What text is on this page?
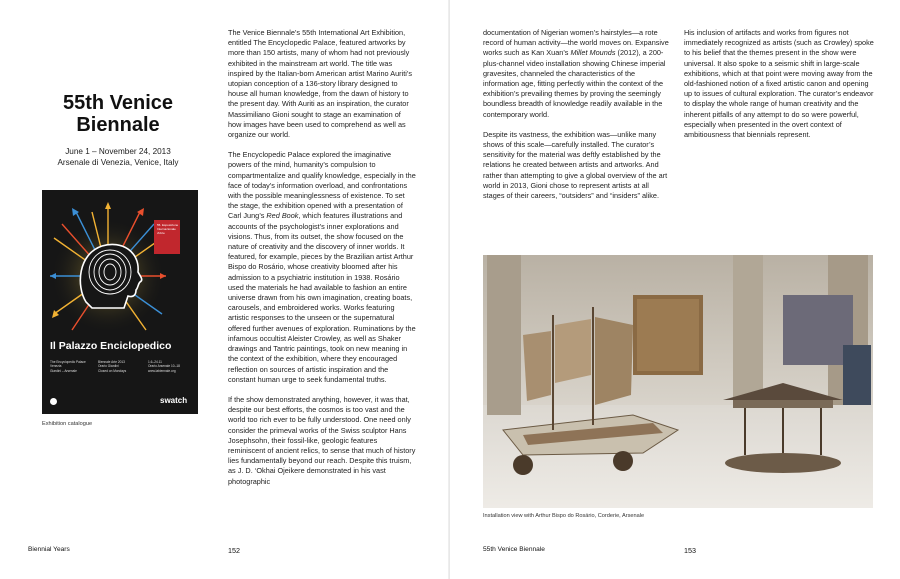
55th Venice Biennale

June 1 – November 24, 2013

Arsenale di Venezia, Venice, Italy

55. Esposizione Internazionale d'Arte
Il Palazzo Enciclopedico
The Encyclopedic Palace
Venezia
Giardini – Arsenale
Biennale Arte 2013
Orario Giardini
Closed on Mondays
1.6–24.11
Orario Arsenale 10–18
www.labiennale.org
swatch
Exhibition catalogue

The Venice Biennale’s 55th International Art Exhibition, entitled The Encyclopedic Palace, featured artworks by more than 150 artists, many of whom had not previously exhibited in the mainstream art world. The title was inspired by the Italian-born American artist Marino Auriti’s utopian conception of a 136-story library designed to house all human knowledge, from the dawn of history to the present day. With Auriti as an inspiration, the curator Massimiliano Gioni sought to stage an examination of how images have been used to comprehend as well as organize our world.

The Encyclopedic Palace explored the imaginative powers of the mind, humanity’s compulsion to compartmentalize and qualify knowledge, especially in the face of today’s information overload, and confrontations with the possible meaninglessness of existence. To set the stage, the exhibition opened with a presentation of Carl Jung’s Red Book, which features illustrations and accounts of the psychologist’s inner explorations and visions. Thus, from its outset, the show focused on the nature of creativity and the discovery of inner worlds. It featured, for example, pieces by the Brazilian artist Arthur Bispo do Rosário, whose creativity bloomed after his admission to a psychiatric institution in 1938. Rosário used the materials he had available to fashion an entire universe drawn from his own imagination, creating boats, carousels, and embroidered works. Works featuring artistic responses to the unseen or the supernatural offered further avenues of exploration. Ruminations by the infamous occultist Aleister Crowley, as well as Shaker drawings and Tantric paintings, took on new meaning in the context of the exhibition, where they encouraged reflection on sources of artistic inspiration and the constant human urge to seek fundamental truths.

If the show demonstrated anything, however, it was that, despite our best efforts, the cosmos is too vast and the world too rich ever to be fully understood. One need only consider the primeval works of the Swiss sculptor Hans Josephsohn, their fossil-like, geologic features reminiscent of ancient relics, to sense that much of history lies fundamentally beyond our reach. Despite this truism, as J. D. ‘Okhai Ojeikere demonstrated in his vast photographic

Biennial Years	152

documentation of Nigerian women’s hairstyles—a rote record of human activity—the world moves on. Expansive works such as Kan Xuan’s Millet Mounds (2012), a 200-plus-channel video installation showing Chinese imperial gravesites, channeled the characteristics of the information age, fitting perfectly within the context of the exhibition’s prevailing themes by proving the seemingly boundless breadth of knowledge readily available in the contemporary world.

Despite its vastness, the exhibition was—unlike many shows of this scale—carefully installed. The curator’s sensitivity for the material was deftly established by the relations he created between artists and artworks. And rather than attempting to give a global overview of the art world in 2013, Gioni chose to represent artists at all stages of their careers, “outsiders” and “insiders” alike.

His inclusion of artifacts and works from figures not immediately recognized as artists (such as Crowley) spoke to his belief that the themes present in the show were universal. It also spoke to a seismic shift in large-scale exhibitions, which at that point were moving away from the old-fashioned notion of a fixed artistic canon and opening up to issues of cultural exploration. The curator’s endeavor to display the whole range of human creativity and the inherent pitfalls of any attempt to do so were powerful, especially when presented in the overt context of ambitiousness that biennials represent.

Installation view with Arthur Bispo do Rosário, Corderie, Arsenale
55th Venice Biennale	153
